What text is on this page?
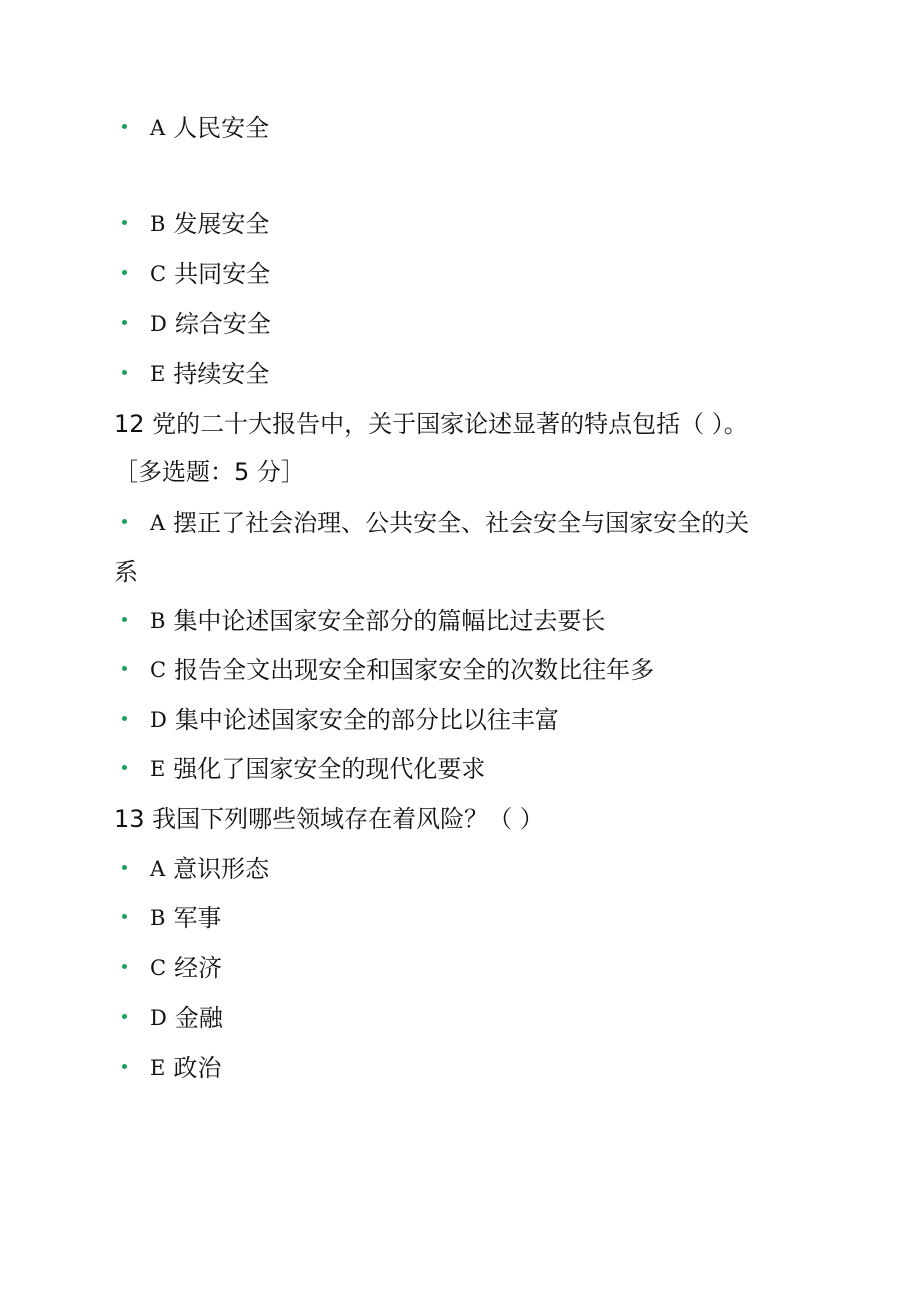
A 人民安全
B 发展安全
C 共同安全
D 综合安全
E 持续安全
12 党的二十大报告中，关于国家论述显著的特点包括（ ）。
［多选题：5 分］
A 摆正了社会治理、公共安全、社会安全与国家安全的关
系
B 集中论述国家安全部分的篇幅比过去要长
C 报告全文出现安全和国家安全的次数比往年多
D 集中论述国家安全的部分比以往丰富
E 强化了国家安全的现代化要求
13 我国下列哪些领域存在着风险？（ ）
A 意识形态
B 军事
C 经济
D 金融
E 政治
